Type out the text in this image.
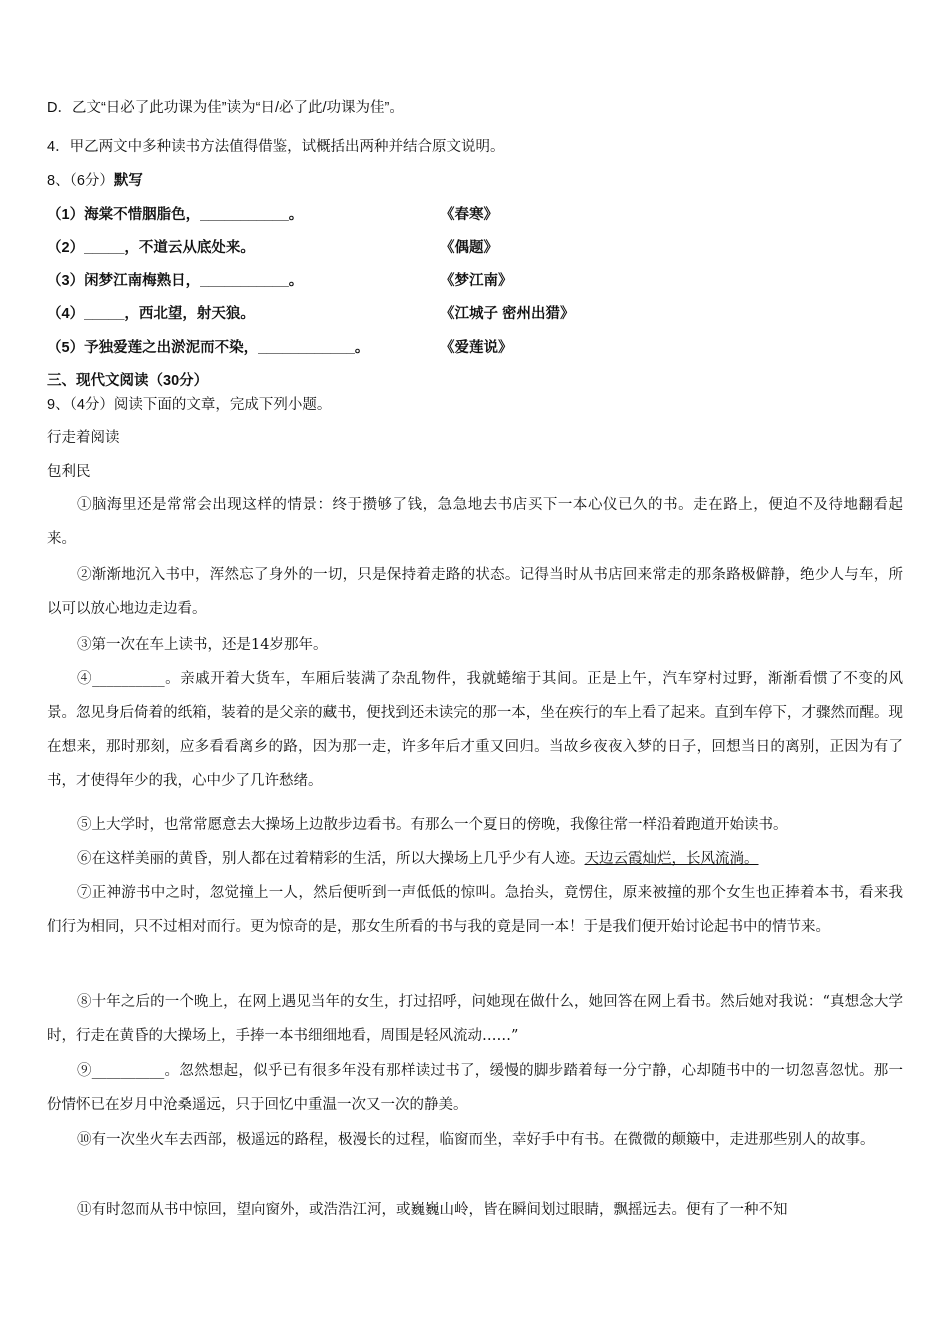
D．乙文“日必了此功课为佳”读为“日/必了此/功课为佳”。
4．甲乙两文中多种读书方法值得借鉴，试概括出两种并结合原文说明。
8、（6分）默写
（1）海棠不惜胭脂色，___________。	《春寒》
（2）_____，不道云从底处来。	《偶题》
（3）闲梦江南梅熟日，___________。	《梦江南》
（4）_____，西北望，射天狼。	《江城子 密州出猎》
（5）予独爱莲之出淤泥而不染，____________。	《爱莲说》
三、现代文阅读（30分）
9、（4分）阅读下面的文章，完成下列小题。
行走着阅读
包利民
①脑海里还是常常会出现这样的情景：终于攒够了钱，急急地去书店买下一本心仪已久的书。走在路上，便迫不及待地翻看起来。
②渐渐地沉入书中，浑然忘了身外的一切，只是保持着走路的状态。记得当时从书店回来常走的那条路极僻静，绝少人与车，所以可以放心地边走边看。
③第一次在车上读书，还是14岁那年。
④__________。亲戚开着大货车，车厢后装满了杂乱物件，我就蜷缩于其间。正是上午，汽车穿村过野，渐渐看惯了不变的风景。忽见身后倚着的纸箱，装着的是父亲的藏书，便找到还未读完的那一本，坐在疾行的车上看了起来。直到车停下，才骤然而醒。现在想来，那时那刻，应多看看离乡的路，因为那一走，许多年后才重又回归。当故乡夜夜入梦的日子，回想当日的离别，正因为有了书，才使得年少的我，心中少了几许愁绪。
⑤上大学时，也常常愿意去大操场上边散步边看书。有那么一个夏日的傍晚，我像往常一样沿着跑道开始读书。
⑥在这样美丽的黄昏，别人都在过着精彩的生活，所以大操场上几乎少有人迹。天边云霞灿烂，长风流淌。
⑦正神游书中之时，忽觉撞上一人，然后便听到一声低低的惊叫。急抬头，竟愣住，原来被撞的那个女生也正捧着本书，看来我们行为相同，只不过相对而行。更为惊奇的是，那女生所看的书与我的竟是同一本！于是我们便开始讨论起书中的情节来。
⑧十年之后的一个晚上，在网上遇见当年的女生，打过招呼，问她现在做什么，她回答在网上看书。然后她对我说：“真想念大学时，行走在黄昏的大操场上，手捧一本书细细地看，周围是轻风流动……”
⑨__________。忽然想起，似乎已有很多年没有那样读过书了，缓慢的脚步踏着每一分宁静，心却随书中的一切忽喜忽忧。那一份情怀已在岁月中沧桑遥远，只于回忆中重温一次又一次的静美。
⑩有一次坐火车去西部，极遥远的路程，极漫长的过程，临窗而坐，幸好手中有书。在微微的颠簸中，走进那些别人的故事。
⑪有时忽而从书中惊回，望向窗外，或浩浩江河，或巍巍山岭，皆在瞬间划过眼睛，飘摇远去。便有了一种不知
